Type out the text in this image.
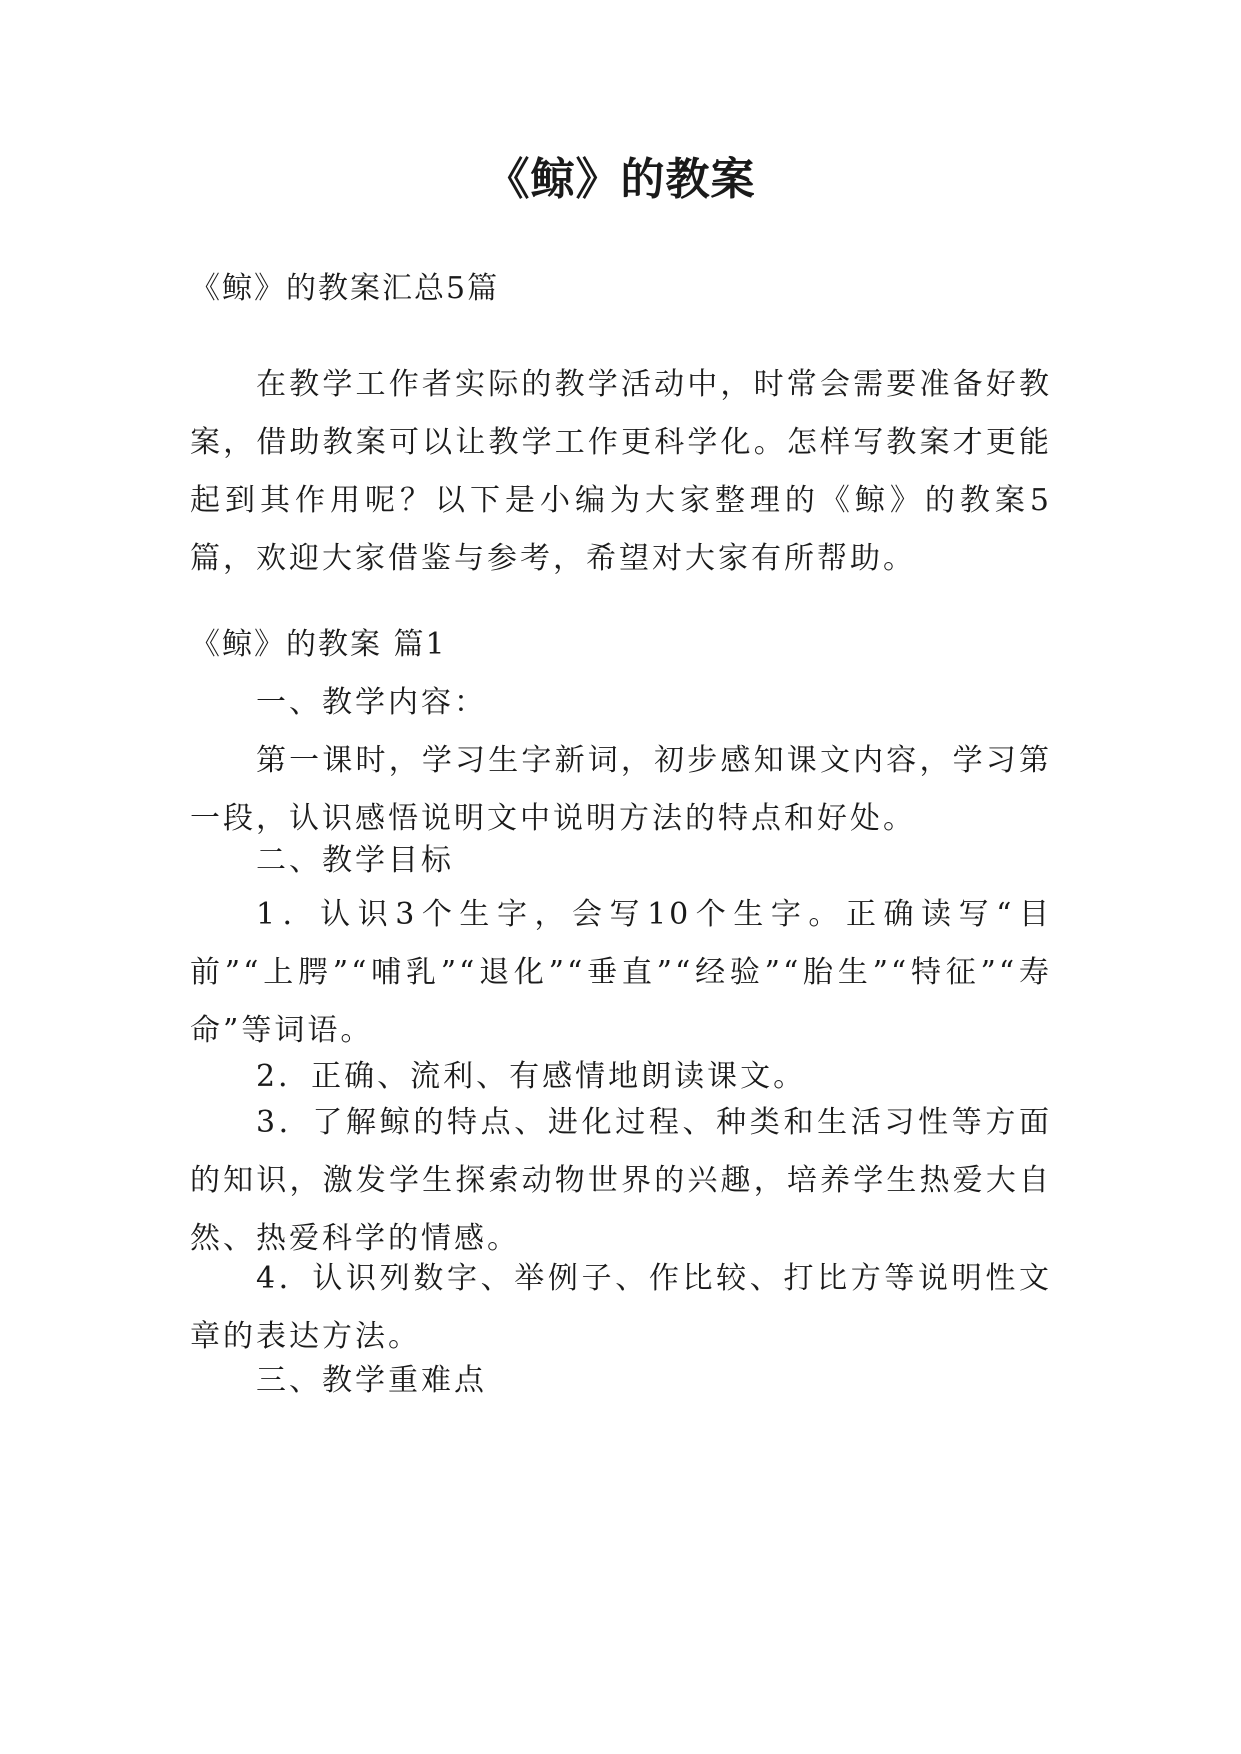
《鲸》的教案
《鲸》的教案汇总5篇
在教学工作者实际的教学活动中，时常会需要准备好教案，借助教案可以让教学工作更科学化。怎样写教案才更能起到其作用呢？以下是小编为大家整理的《鲸》的教案5篇，欢迎大家借鉴与参考，希望对大家有所帮助。
《鲸》的教案 篇1
一、教学内容：
第一课时，学习生字新词，初步感知课文内容，学习第一段，认识感悟说明文中说明方法的特点和好处。
二、教学目标
1．认识3个生字，会写10个生字。正确读写“目前”“上腭”“哺乳”“退化”“垂直”“经验”“胎生”“特征”“寿命”等词语。
2．正确、流利、有感情地朗读课文。
3．了解鲸的特点、进化过程、种类和生活习性等方面的知识，激发学生探索动物世界的兴趣，培养学生热爱大自然、热爱科学的情感。
4．认识列数字、举例子、作比较、打比方等说明性文章的表达方法。
三、教学重难点
